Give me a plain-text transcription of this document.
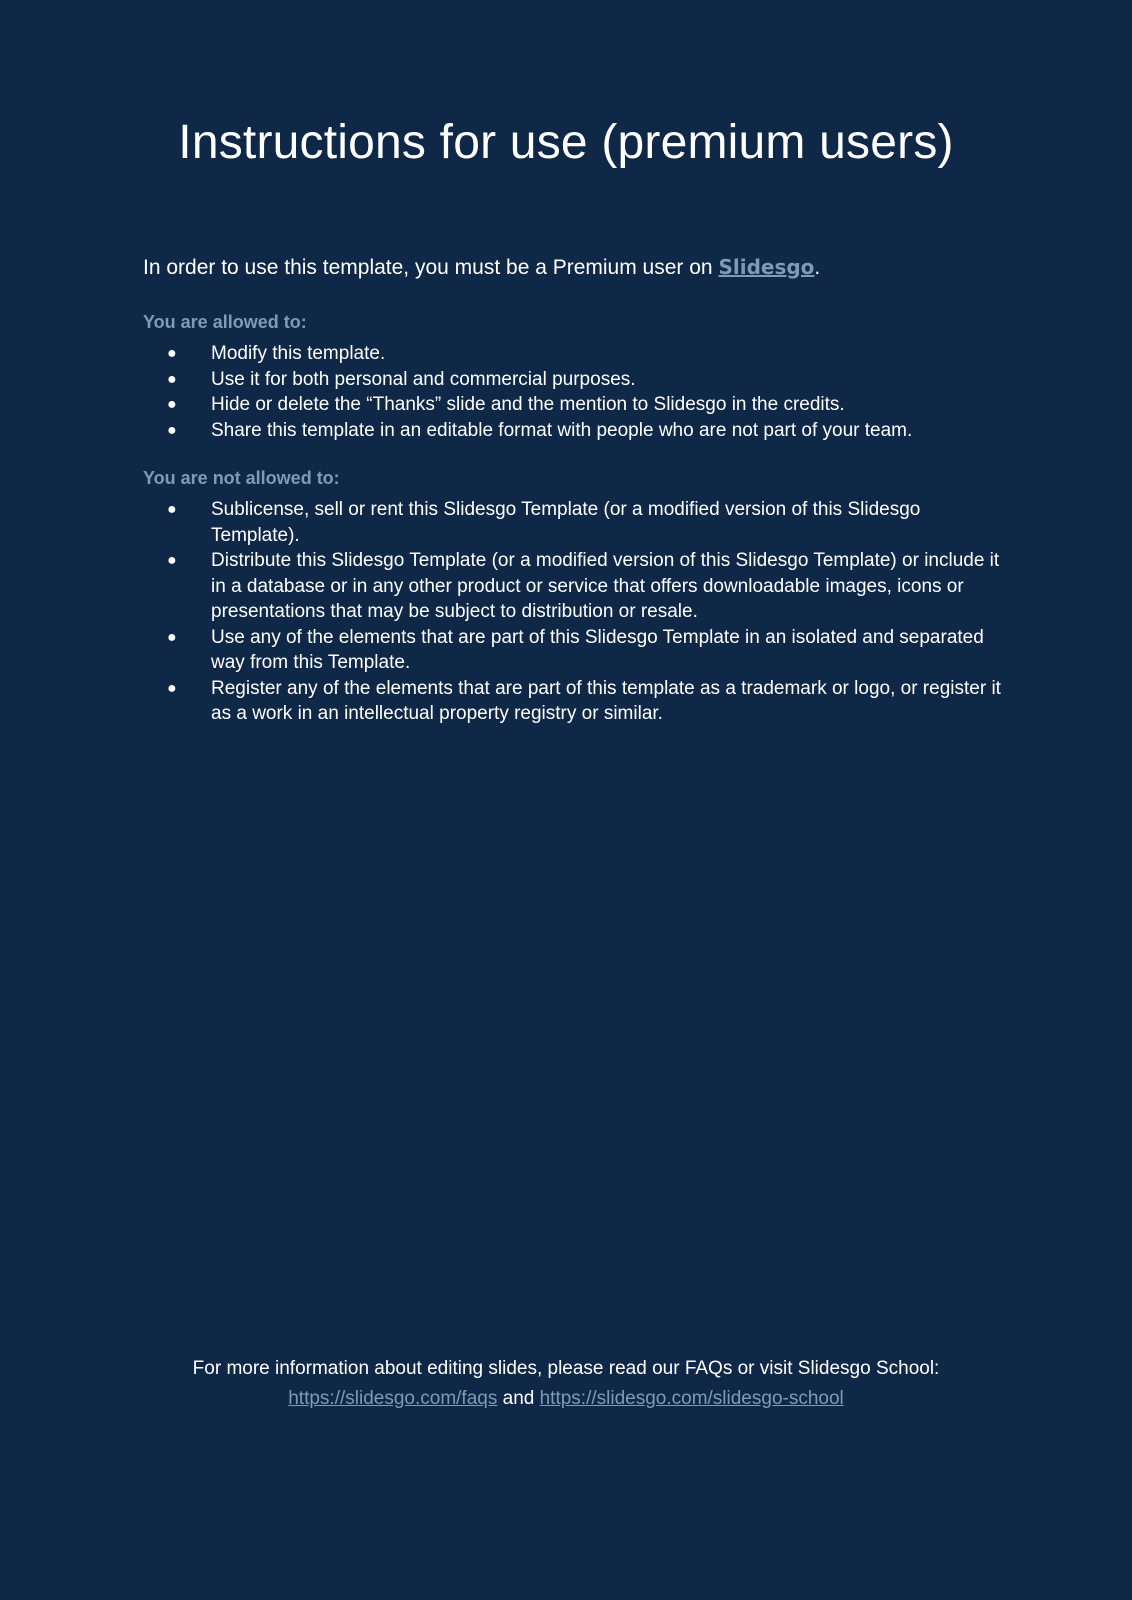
Instructions for use (premium users)

In order to use this template, you must be a Premium user on Slidesgo.

You are allowed to:

● Modify this template.
● Use it for both personal and commercial purposes.
● Hide or delete the “Thanks” slide and the mention to Slidesgo in the credits.
● Share this template in an editable format with people who are not part of your team.

You are not allowed to:

● Sublicense, sell or rent this Slidesgo Template (or a modified version of this Slidesgo Template).
● Distribute this Slidesgo Template (or a modified version of this Slidesgo Template) or include it in a database or in any other product or service that offers downloadable images, icons or presentations that may be subject to distribution or resale.
● Use any of the elements that are part of this Slidesgo Template in an isolated and separated way from this Template.
● Register any of the elements that are part of this template as a trademark or logo, or register it as a work in an intellectual property registry or similar.
For more information about editing slides, please read our FAQs or visit Slidesgo School:
https://slidesgo.com/faqs and https://slidesgo.com/slidesgo-school
